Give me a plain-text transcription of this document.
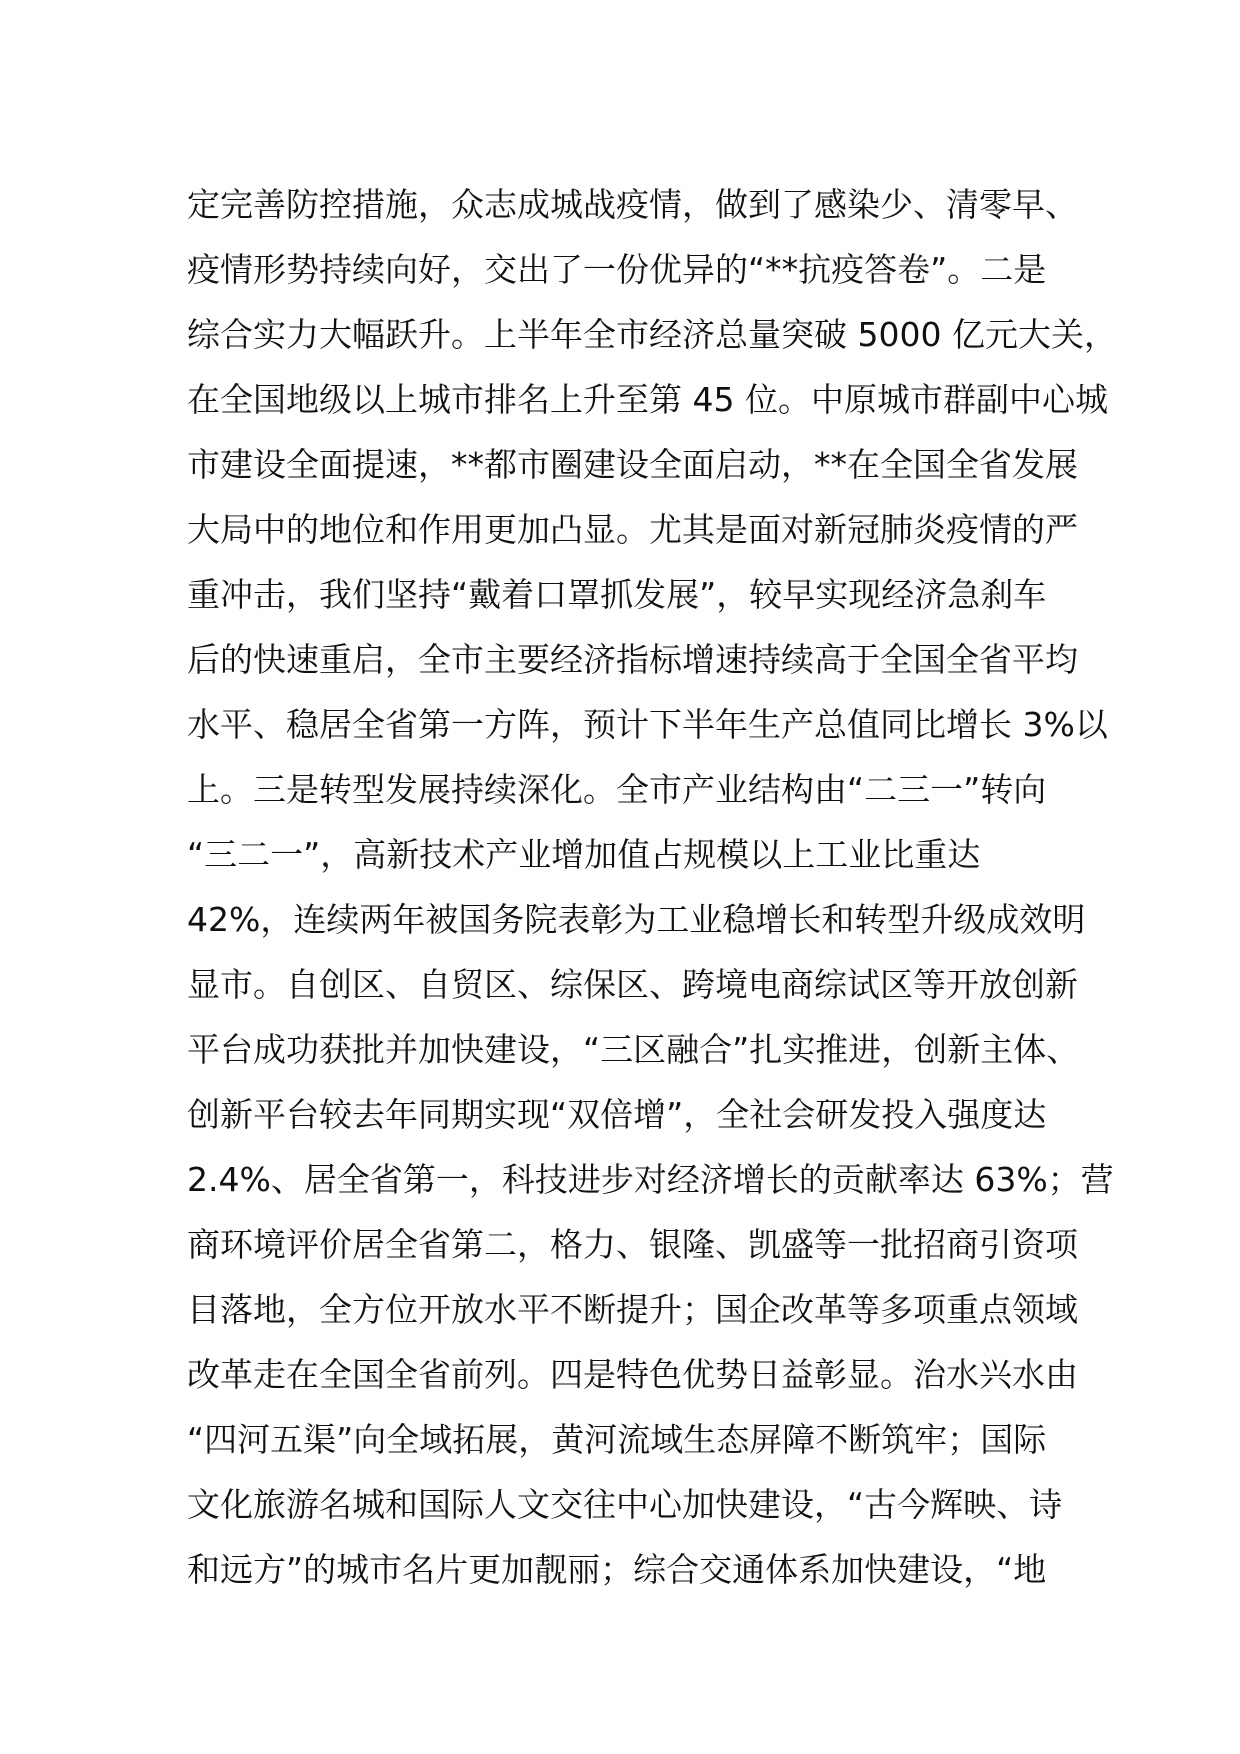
定完善防控措施，众志成城战疫情，做到了感染少、清零早、
疫情形势持续向好，交出了一份优异的“**抗疫答卷”。二是
综合实力大幅跃升。上半年全市经济总量突破 5000 亿元大关，
在全国地级以上城市排名上升至第 45 位。中原城市群副中心城
市建设全面提速，**都市圈建设全面启动，**在全国全省发展
大局中的地位和作用更加凸显。尤其是面对新冠肺炎疫情的严
重冲击，我们坚持“戴着口罩抓发展”，较早实现经济急刹车
后的快速重启，全市主要经济指标增速持续高于全国全省平均
水平、稳居全省第一方阵，预计下半年生产总值同比增长 3%以
上。三是转型发展持续深化。全市产业结构由“二三一”转向
“三二一”，高新技术产业增加值占规模以上工业比重达
42%，连续两年被国务院表彰为工业稳增长和转型升级成效明
显市。自创区、自贸区、综保区、跨境电商综试区等开放创新
平台成功获批并加快建设，“三区融合”扎实推进，创新主体、
创新平台较去年同期实现“双倍增”，全社会研发投入强度达
2.4%、居全省第一，科技进步对经济增长的贡献率达 63%；营
商环境评价居全省第二，格力、银隆、凯盛等一批招商引资项
目落地，全方位开放水平不断提升；国企改革等多项重点领域
改革走在全国全省前列。四是特色优势日益彰显。治水兴水由
“四河五渠”向全域拓展，黄河流域生态屏障不断筑牢；国际
文化旅游名城和国际人文交往中心加快建设，“古今辉映、诗
和远方”的城市名片更加靓丽；综合交通体系加快建设，“地
